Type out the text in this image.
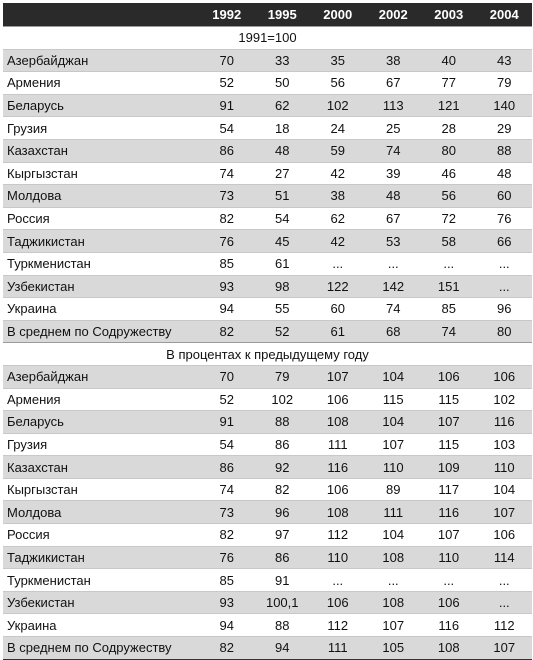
	1992	1995	2000	2002	2003	2004
1991=100						
Азербайджан	70	33	35	38	40	43
Армения	52	50	56	67	77	79
Беларусь	91	62	102	113	121	140
Грузия	54	18	24	25	28	29
Казахстан	86	48	59	74	80	88
Кыргызстан	74	27	42	39	46	48
Молдова	73	51	38	48	56	60
Россия	82	54	62	67	72	76
Таджикистан	76	45	42	53	58	66
Туркменистан	85	61	...	...	...	...
Узбекистан	93	98	122	142	151	...
Украина	94	55	60	74	85	96
В среднем по Содружеству	82	52	61	68	74	80
В процентах к предыдущему году						
Азербайджан	70	79	107	104	106	106
Армения	52	102	106	115	115	102
Беларусь	91	88	108	104	107	116
Грузия	54	86	111	107	115	103
Казахстан	86	92	116	110	109	110
Кыргызстан	74	82	106	89	117	104
Молдова	73	96	108	111	116	107
Россия	82	97	112	104	107	106
Таджикистан	76	86	110	108	110	114
Туркменистан	85	91	...	...	...	...
Узбекистан	93	100,1	106	108	106	...
Украина	94	88	112	107	116	112
В среднем по Содружеству	82	94	111	105	108	107
